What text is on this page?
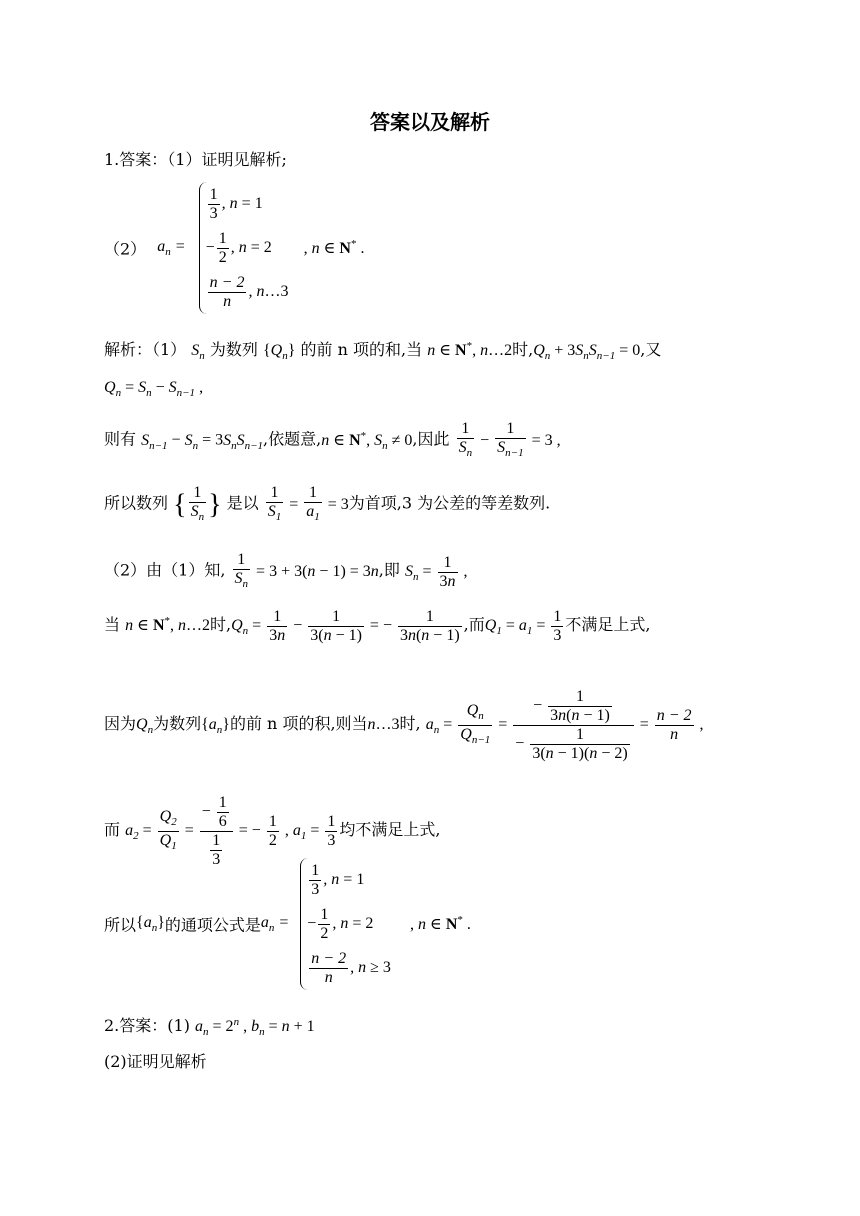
答案以及解析
1.答案：（1）证明见解析;
（2） $a_n$ =
$\frac{1}{3}$ , n = 1
− $\frac{1}{2}$ , n = 2
$\frac{n - 2}{n}$ , n …3
, n ∈ N* .
解析：（1） $S_n$ 为数列 $\{Q_n\}$ 的前 n 项的和,当 n ∈ N*, n…2时$,Q_n + 3S_nS_{n-1} = 0$,又
$Q_n = S_n - S_{n-1}$ ,
则有 $S_{n-1} - S_n = 3S_nS_{n-1}$,依题意,n ∈ N*, $S_n \ne 0$,因此 $\frac{1}{S_n} - \frac{1}{S_{n-1}} = 3$ ,
所以数列 { $\frac{1}{S_n}$ } 是以 $\frac{1}{S_1} = \frac{1}{a_1} = 3$为首项,3 为公差的等差数列.
（2）由（1）知, $\frac{1}{S_n} = 3 + 3(n - 1) = 3n$,即 $S_n = \frac{1}{3n}$ ,
当 n ∈ N*, n…2时$,Q_n = \frac{1}{3n} - \frac{1}{3(n - 1)}$ = − $\frac{1}{3n(n - 1)}$ ,而$Q_1 = a_1 = \frac{1}{3}$ 不满足上式,
因为$Q_n$为数列$\{a_n\}$的前 n 项的积,则当n…3时, $a_n = \frac{Q_n}{Q_{n-1}} = \frac{- \frac{1}{3n(n - 1)}}{- \frac{1}{3(n - 1)(n - 2)}} = \frac{n - 2}{n}$ ,
而 $a_2 = \frac{Q_2}{Q_1} = \frac{- \frac{1}{6}}{\frac{1}{3}}$ = − $\frac{1}{2}$ , $a_1 = \frac{1}{3}$ 均不满足上式,
所以$\{a_n\}$的通项公式是$a_n$ =
$\frac{1}{3}$ , n = 1
− $\frac{1}{2}$ , n = 2
$\frac{n - 2}{n}$ , n ≥ 3
, n ∈ N* .
2.答案：(1) $a_n = 2^n$ , $b_n = n + 1$
(2)证明见解析
